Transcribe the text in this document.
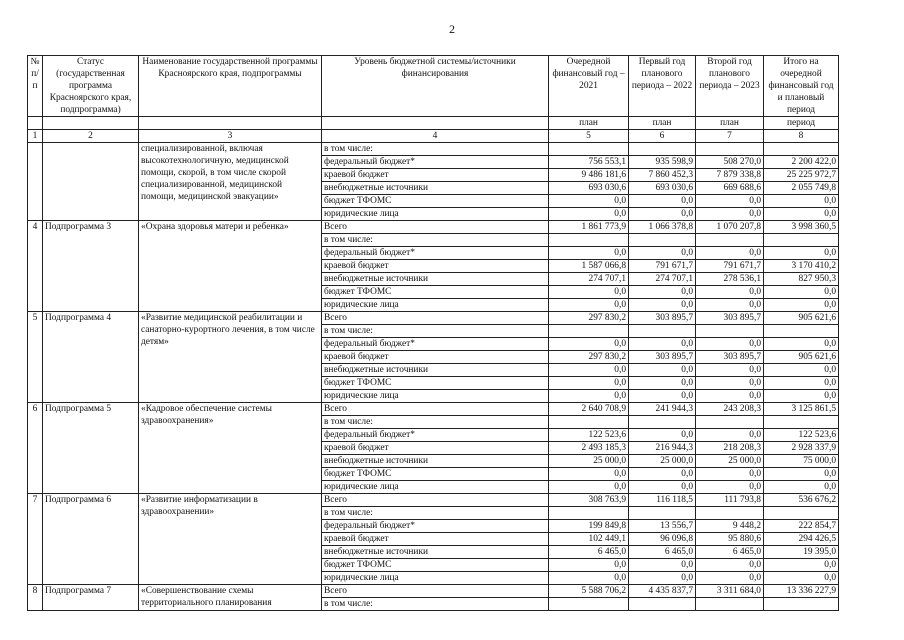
2
№ п/п	Статус (государственная программа Красноярского края, подпрограмма)	Наименование государственной программы Красноярского края, подпрограммы	Уровень бюджетной системы/источники финансирования	Очередной финансовый год – 2021	Первый год планового периода – 2022	Второй год планового периода – 2023	Итого на очередной финансовый год и плановый период
				план	план	план	период
1	2	3	4	5	6	7	8
		специализированной, включая высокотехнологичную, медицинской помощи, скорой, в том числе скорой специализированной, медицинской помощи, медицинской эвакуации»	в том числе:				
			федеральный бюджет*	756 553,1	935 598,9	508 270,0	2 200 422,0
			краевой бюджет	9 486 181,6	7 860 452,3	7 879 338,8	25 225 972,7
			внебюджетные источники	693 030,6	693 030,6	669 688,6	2 055 749,8
			бюджет ТФОМС	0,0	0,0	0,0	0,0
			юридические лица	0,0	0,0	0,0	0,0
4	Подпрограмма 3	«Охрана здоровья матери и ребенка»	Всего	1 861 773,9	1 066 378,8	1 070 207,8	3 998 360,5
			в том числе:				
			федеральный бюджет*	0,0	0,0	0,0	0,0
			краевой бюджет	1 587 066,8	791 671,7	791 671,7	3 170 410,2
			внебюджетные источники	274 707,1	274 707,1	278 536,1	827 950,3
			бюджет ТФОМС	0,0	0,0	0,0	0,0
			юридические лица	0,0	0,0	0,0	0,0
5	Подпрограмма 4	«Развитие медицинской реабилитации и санаторно-курортного лечения, в том числе детям»	Всего	297 830,2	303 895,7	303 895,7	905 621,6
			в том числе:				
			федеральный бюджет*	0,0	0,0	0,0	0,0
			краевой бюджет	297 830,2	303 895,7	303 895,7	905 621,6
			внебюджетные источники	0,0	0,0	0,0	0,0
			бюджет ТФОМС	0,0	0,0	0,0	0,0
			юридические лица	0,0	0,0	0,0	0,0
6	Подпрограмма 5	«Кадровое обеспечение системы здравоохранения»	Всего	2 640 708,9	241 944,3	243 208,3	3 125 861,5
			в том числе:				
			федеральный бюджет*	122 523,6	0,0	0,0	122 523,6
			краевой бюджет	2 493 185,3	216 944,3	218 208,3	2 928 337,9
			внебюджетные источники	25 000,0	25 000,0	25 000,0	75 000,0
			бюджет ТФОМС	0,0	0,0	0,0	0,0
			юридические лица	0,0	0,0	0,0	0,0
7	Подпрограмма 6	«Развитие информатизации в здравоохранении»	Всего	308 763,9	116 118,5	111 793,8	536 676,2
			в том числе:				
			федеральный бюджет*	199 849,8	13 556,7	9 448,2	222 854,7
			краевой бюджет	102 449,1	96 096,8	95 880,6	294 426,5
			внебюджетные источники	6 465,0	6 465,0	6 465,0	19 395,0
			бюджет ТФОМС	0,0	0,0	0,0	0,0
			юридические лица	0,0	0,0	0,0	0,0
8	Подпрограмма 7	«Совершенствование схемы территориального планирования	Всего	5 588 706,2	4 435 837,7	3 311 684,0	13 336 227,9
			в том числе:				
